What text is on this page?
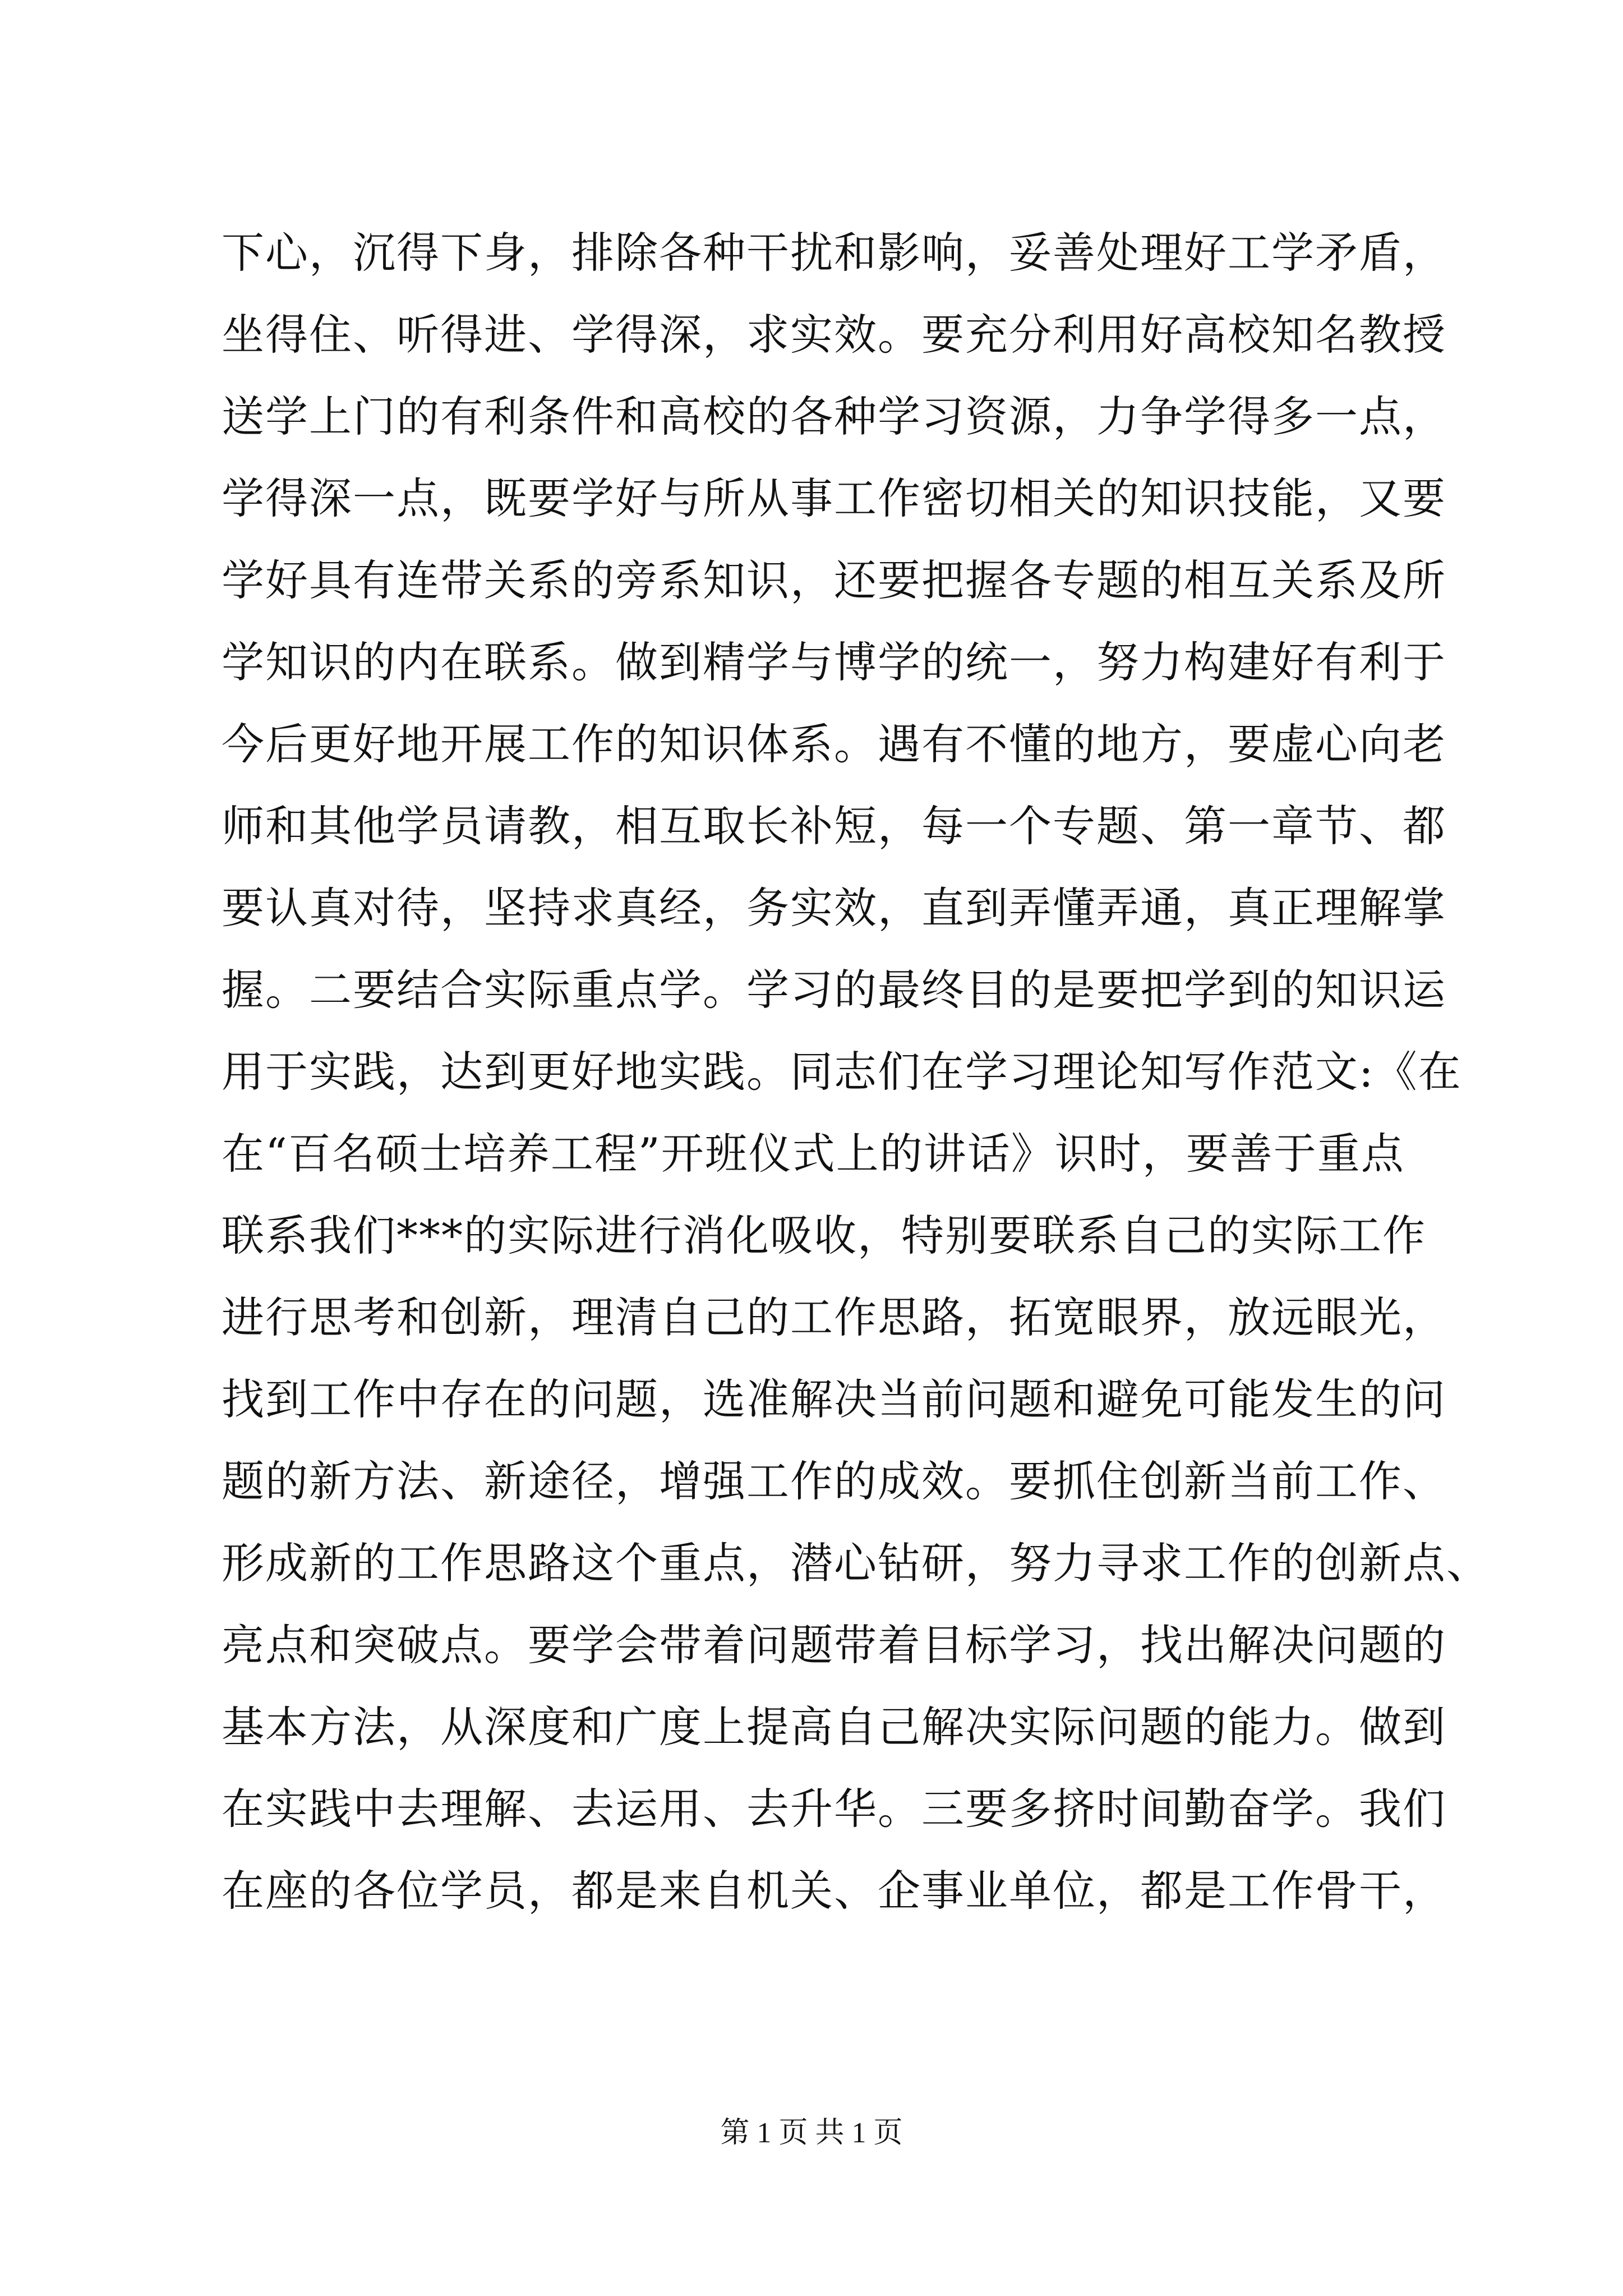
下心，沉得下身，排除各种干扰和影响，妥善处理好工学矛盾，
坐得住、听得进、学得深，求实效。要充分利用好高校知名教授
送学上门的有利条件和高校的各种学习资源，力争学得多一点，
学得深一点，既要学好与所从事工作密切相关的知识技能，又要
学好具有连带关系的旁系知识，还要把握各专题的相互关系及所
学知识的内在联系。做到精学与博学的统一，努力构建好有利于
今后更好地开展工作的知识体系。遇有不懂的地方，要虚心向老
师和其他学员请教，相互取长补短，每一个专题、第一章节、都
要认真对待，坚持求真经，务实效，直到弄懂弄通，真正理解掌
握。二要结合实际重点学。学习的最终目的是要把学到的知识运
用于实践，达到更好地实践。同志们在学习理论知写作范文:《在
在“百名硕士培养工程”开班仪式上的讲话》识时，要善于重点
联系我们***的实际进行消化吸收，特别要联系自己的实际工作
进行思考和创新，理清自己的工作思路，拓宽眼界，放远眼光，
找到工作中存在的问题，选准解决当前问题和避免可能发生的问
题的新方法、新途径，增强工作的成效。要抓住创新当前工作、
形成新的工作思路这个重点，潜心钻研，努力寻求工作的创新点、
亮点和突破点。要学会带着问题带着目标学习，找出解决问题的
基本方法，从深度和广度上提高自己解决实际问题的能力。做到
在实践中去理解、去运用、去升华。三要多挤时间勤奋学。我们
在座的各位学员，都是来自机关、企事业单位，都是工作骨干，
第 1 页 共 1 页
